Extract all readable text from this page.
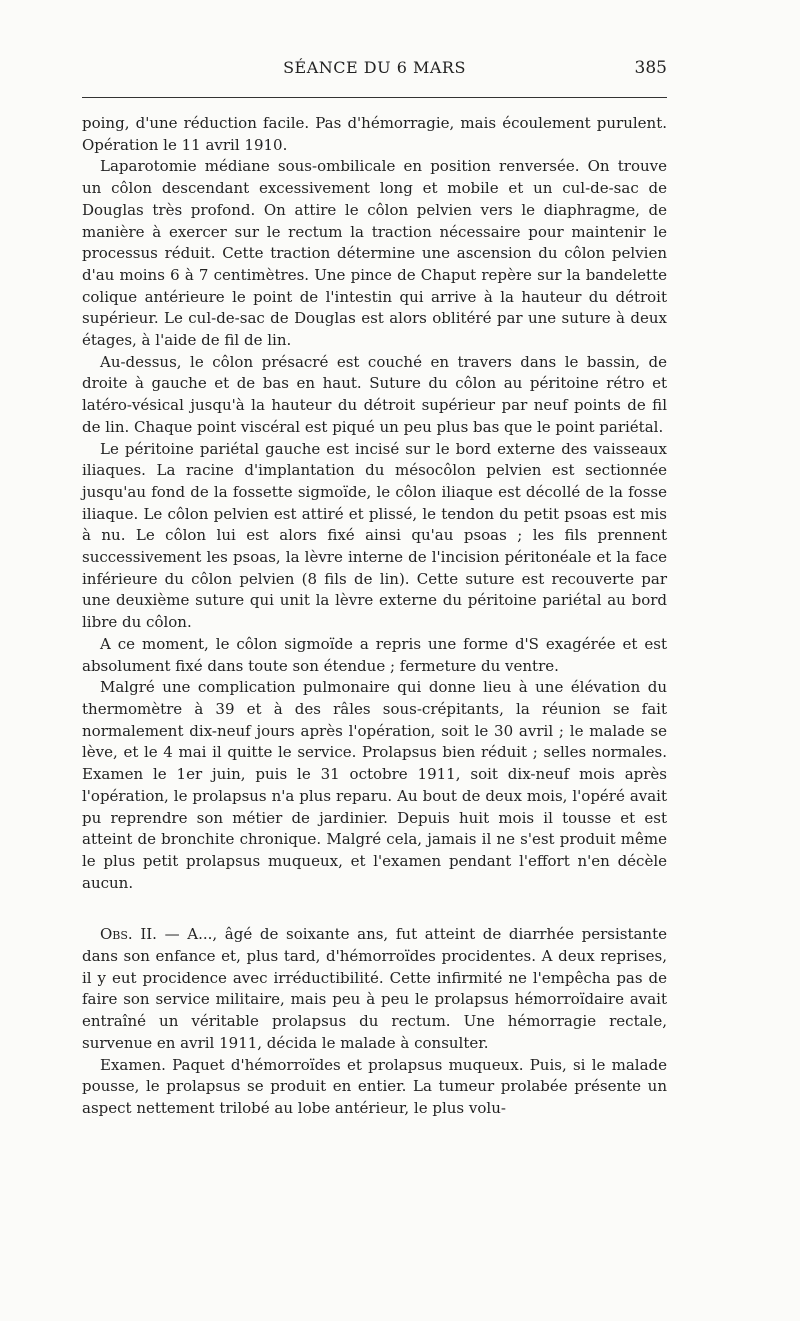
SÉANCE DU 6 MARS	385

poing, d'une réduction facile. Pas d'hémorragie, mais écoulement purulent. Opération le 11 avril 1910.

Laparotomie médiane sous-ombilicale en position renversée. On trouve un côlon descendant excessivement long et mobile et un cul-de-sac de Douglas très profond. On attire le côlon pelvien vers le diaphragme, de manière à exercer sur le rectum la traction nécessaire pour maintenir le processus réduit. Cette traction détermine une ascension du côlon pelvien d'au moins 6 à 7 centimètres. Une pince de Chaput repère sur la bandelette colique antérieure le point de l'intestin qui arrive à la hauteur du détroit supérieur. Le cul-de-sac de Douglas est alors oblitéré par une suture à deux étages, à l'aide de fil de lin.

Au-dessus, le côlon présacré est couché en travers dans le bassin, de droite à gauche et de bas en haut. Suture du côlon au péritoine rétro et latéro-vésical jusqu'à la hauteur du détroit supérieur par neuf points de fil de lin. Chaque point viscéral est piqué un peu plus bas que le point pariétal.

Le péritoine pariétal gauche est incisé sur le bord externe des vaisseaux iliaques. La racine d'implantation du mésocôlon pelvien est sectionnée jusqu'au fond de la fossette sigmoïde, le côlon iliaque est décollé de la fosse iliaque. Le côlon pelvien est attiré et plissé, le tendon du petit psoas est mis à nu. Le côlon lui est alors fixé ainsi qu'au psoas ; les fils prennent successivement les psoas, la lèvre interne de l'incision péritonéale et la face inférieure du côlon pelvien (8 fils de lin). Cette suture est recouverte par une deuxième suture qui unit la lèvre externe du péritoine pariétal au bord libre du côlon.

A ce moment, le côlon sigmoïde a repris une forme d'S exagérée et est absolument fixé dans toute son étendue ; fermeture du ventre.

Malgré une complication pulmonaire qui donne lieu à une élévation du thermomètre à 39 et à des râles sous-crépitants, la réunion se fait normalement dix-neuf jours après l'opération, soit le 30 avril ; le malade se lève, et le 4 mai il quitte le service. Prolapsus bien réduit ; selles normales. Examen le 1er juin, puis le 31 octobre 1911, soit dix-neuf mois après l'opération, le prolapsus n'a plus reparu. Au bout de deux mois, l'opéré avait pu reprendre son métier de jardinier. Depuis huit mois il tousse et est atteint de bronchite chronique. Malgré cela, jamais il ne s'est produit même le plus petit prolapsus muqueux, et l'examen pendant l'effort n'en décèle aucun.

Obs. II. — A..., âgé de soixante ans, fut atteint de diarrhée persistante dans son enfance et, plus tard, d'hémorroïdes procidentes. A deux reprises, il y eut procidence avec irréductibilité. Cette infirmité ne l'empêcha pas de faire son service militaire, mais peu à peu le prolapsus hémorroïdaire avait entraîné un véritable prolapsus du rectum. Une hémorragie rectale, survenue en avril 1911, décida le malade à consulter.

Examen. Paquet d'hémorroïdes et prolapsus muqueux. Puis, si le malade pousse, le prolapsus se produit en entier. La tumeur prolabée présente un aspect nettement trilobé au lobe antérieur, le plus volu-
